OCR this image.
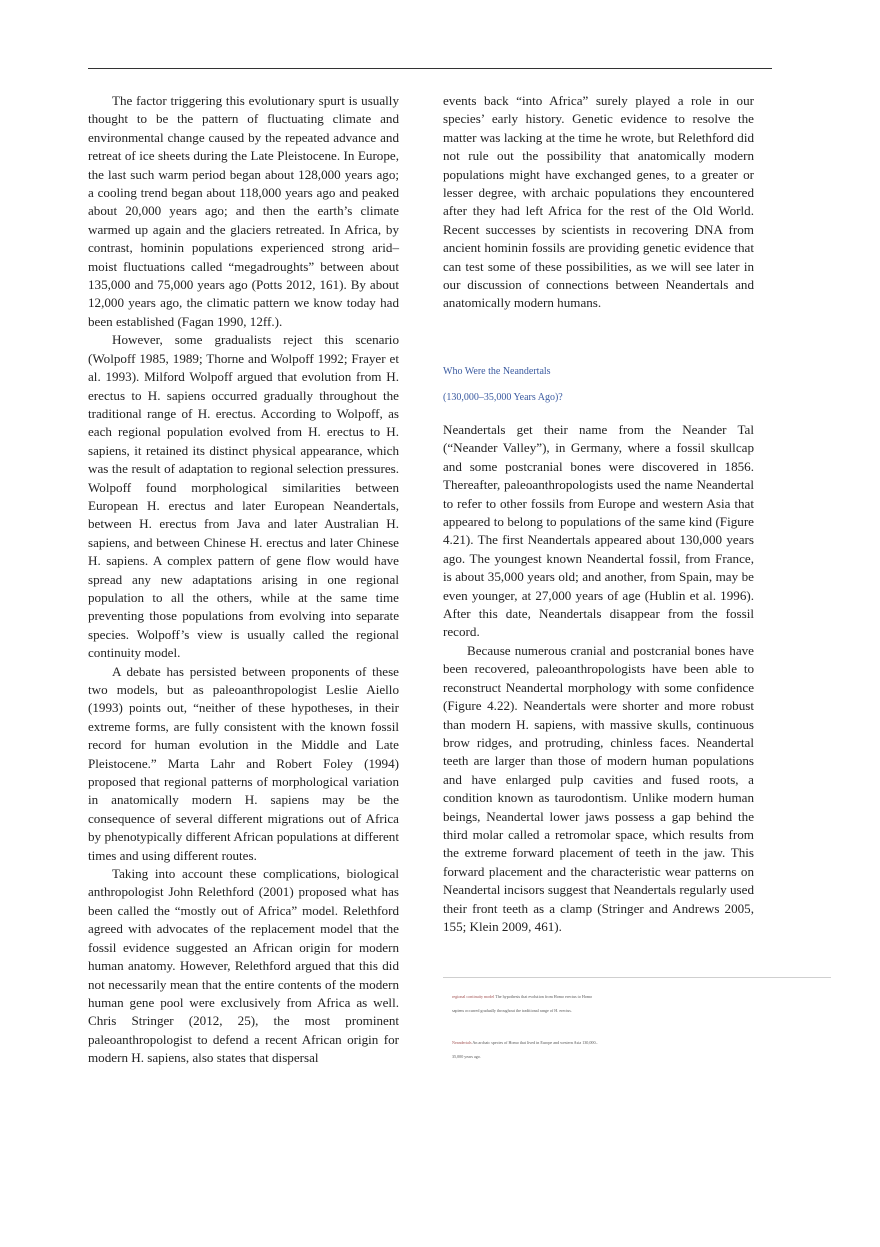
The factor triggering this evolutionary spurt is usually thought to be the pattern of fluctuating climate and environmental change caused by the repeated advance and retreat of ice sheets during the Late Pleistocene. In Europe, the last such warm period began about 128,000 years ago; a cooling trend began about 118,000 years ago and peaked about 20,000 years ago; and then the earth’s climate warmed up again and the glaciers retreated. In Africa, by contrast, hominin populations experienced strong arid–moist fluctuations called “megadroughts” between about 135,000 and 75,000 years ago (Potts 2012, 161). By about 12,000 years ago, the climatic pattern we know today had been established (Fagan 1990, 12ff.).

However, some gradualists reject this scenario (Wolpoff 1985, 1989; Thorne and Wolpoff 1992; Frayer et al. 1993). Milford Wolpoff argued that evolution from H. erectus to H. sapiens occurred gradually throughout the traditional range of H. erectus. According to Wolpoff, as each regional population evolved from H. erectus to H. sapiens, it retained its distinct physical appearance, which was the result of adaptation to regional selection pressures. Wolpoff found morphological similarities between European H. erectus and later European Neandertals, between H. erectus from Java and later Australian H. sapiens, and between Chinese H. erectus and later Chinese H. sapiens. A complex pattern of gene flow would have spread any new adaptations arising in one regional population to all the others, while at the same time preventing those populations from evolving into separate species. Wolpoff’s view is usually called the regional continuity model.

A debate has persisted between proponents of these two models, but as paleoanthropologist Leslie Aiello (1993) points out, “neither of these hypotheses, in their extreme forms, are fully consistent with the known fossil record for human evolution in the Middle and Late Pleistocene.” Marta Lahr and Robert Foley (1994) proposed that regional patterns of morphological variation in anatomically modern H. sapiens may be the consequence of several different migrations out of Africa by phenotypically different African populations at different times and using different routes.

Taking into account these complications, biological anthropologist John Relethford (2001) proposed what has been called the “mostly out of Africa” model. Relethford agreed with advocates of the replacement model that the fossil evidence suggested an African origin for modern human anatomy. However, Relethford argued that this did not necessarily mean that the entire contents of the modern human gene pool were exclusively from Africa as well. Chris Stringer (2012, 25), the most prominent paleoanthropologist to defend a recent African origin for modern H. sapiens, also states that dispersal

events back “into Africa” surely played a role in our species’ early history. Genetic evidence to resolve the matter was lacking at the time he wrote, but Relethford did not rule out the possibility that anatomically modern populations might have exchanged genes, to a greater or lesser degree, with archaic populations they encountered after they had left Africa for the rest of the Old World. Recent successes by scientists in recovering DNA from ancient hominin fossils are providing genetic evidence that can test some of these possibilities, as we will see later in our discussion of connections between Neandertals and anatomically modern humans.

Who Were the Neandertals
(130,000–35,000 Years Ago)?

Neandertals get their name from the Neander Tal (“Neander Valley”), in Germany, where a fossil skullcap and some postcranial bones were discovered in 1856. Thereafter, paleoanthropologists used the name Neandertal to refer to other fossils from Europe and western Asia that appeared to belong to populations of the same kind (Figure 4.21). The first Neandertals appeared about 130,000 years ago. The youngest known Neandertal fossil, from France, is about 35,000 years old; and another, from Spain, may be even younger, at 27,000 years of age (Hublin et al. 1996). After this date, Neandertals disappear from the fossil record.

Because numerous cranial and postcranial bones have been recovered, paleoanthropologists have been able to reconstruct Neandertal morphology with some confidence (Figure 4.22). Neandertals were shorter and more robust than modern H. sapiens, with massive skulls, continuous brow ridges, and protruding, chinless faces. Neandertal teeth are larger than those of modern human populations and have enlarged pulp cavities and fused roots, a condition known as taurodontism. Unlike modern human beings, Neandertal lower jaws possess a gap behind the third molar called a retromolar space, which results from the extreme forward placement of teeth in the jaw. This forward placement and the characteristic wear patterns on Neandertal incisors suggest that Neandertals regularly used their front teeth as a clamp (Stringer and Andrews 2005, 155; Klein 2009, 461).

regional continuity model The hypothesis that evolution from Homo erectus to Homo sapiens occurred gradually throughout the traditional range of H. erectus.
Neandertals An archaic species of Homo that lived in Europe and western Asia 130,000–35,000 years ago.
